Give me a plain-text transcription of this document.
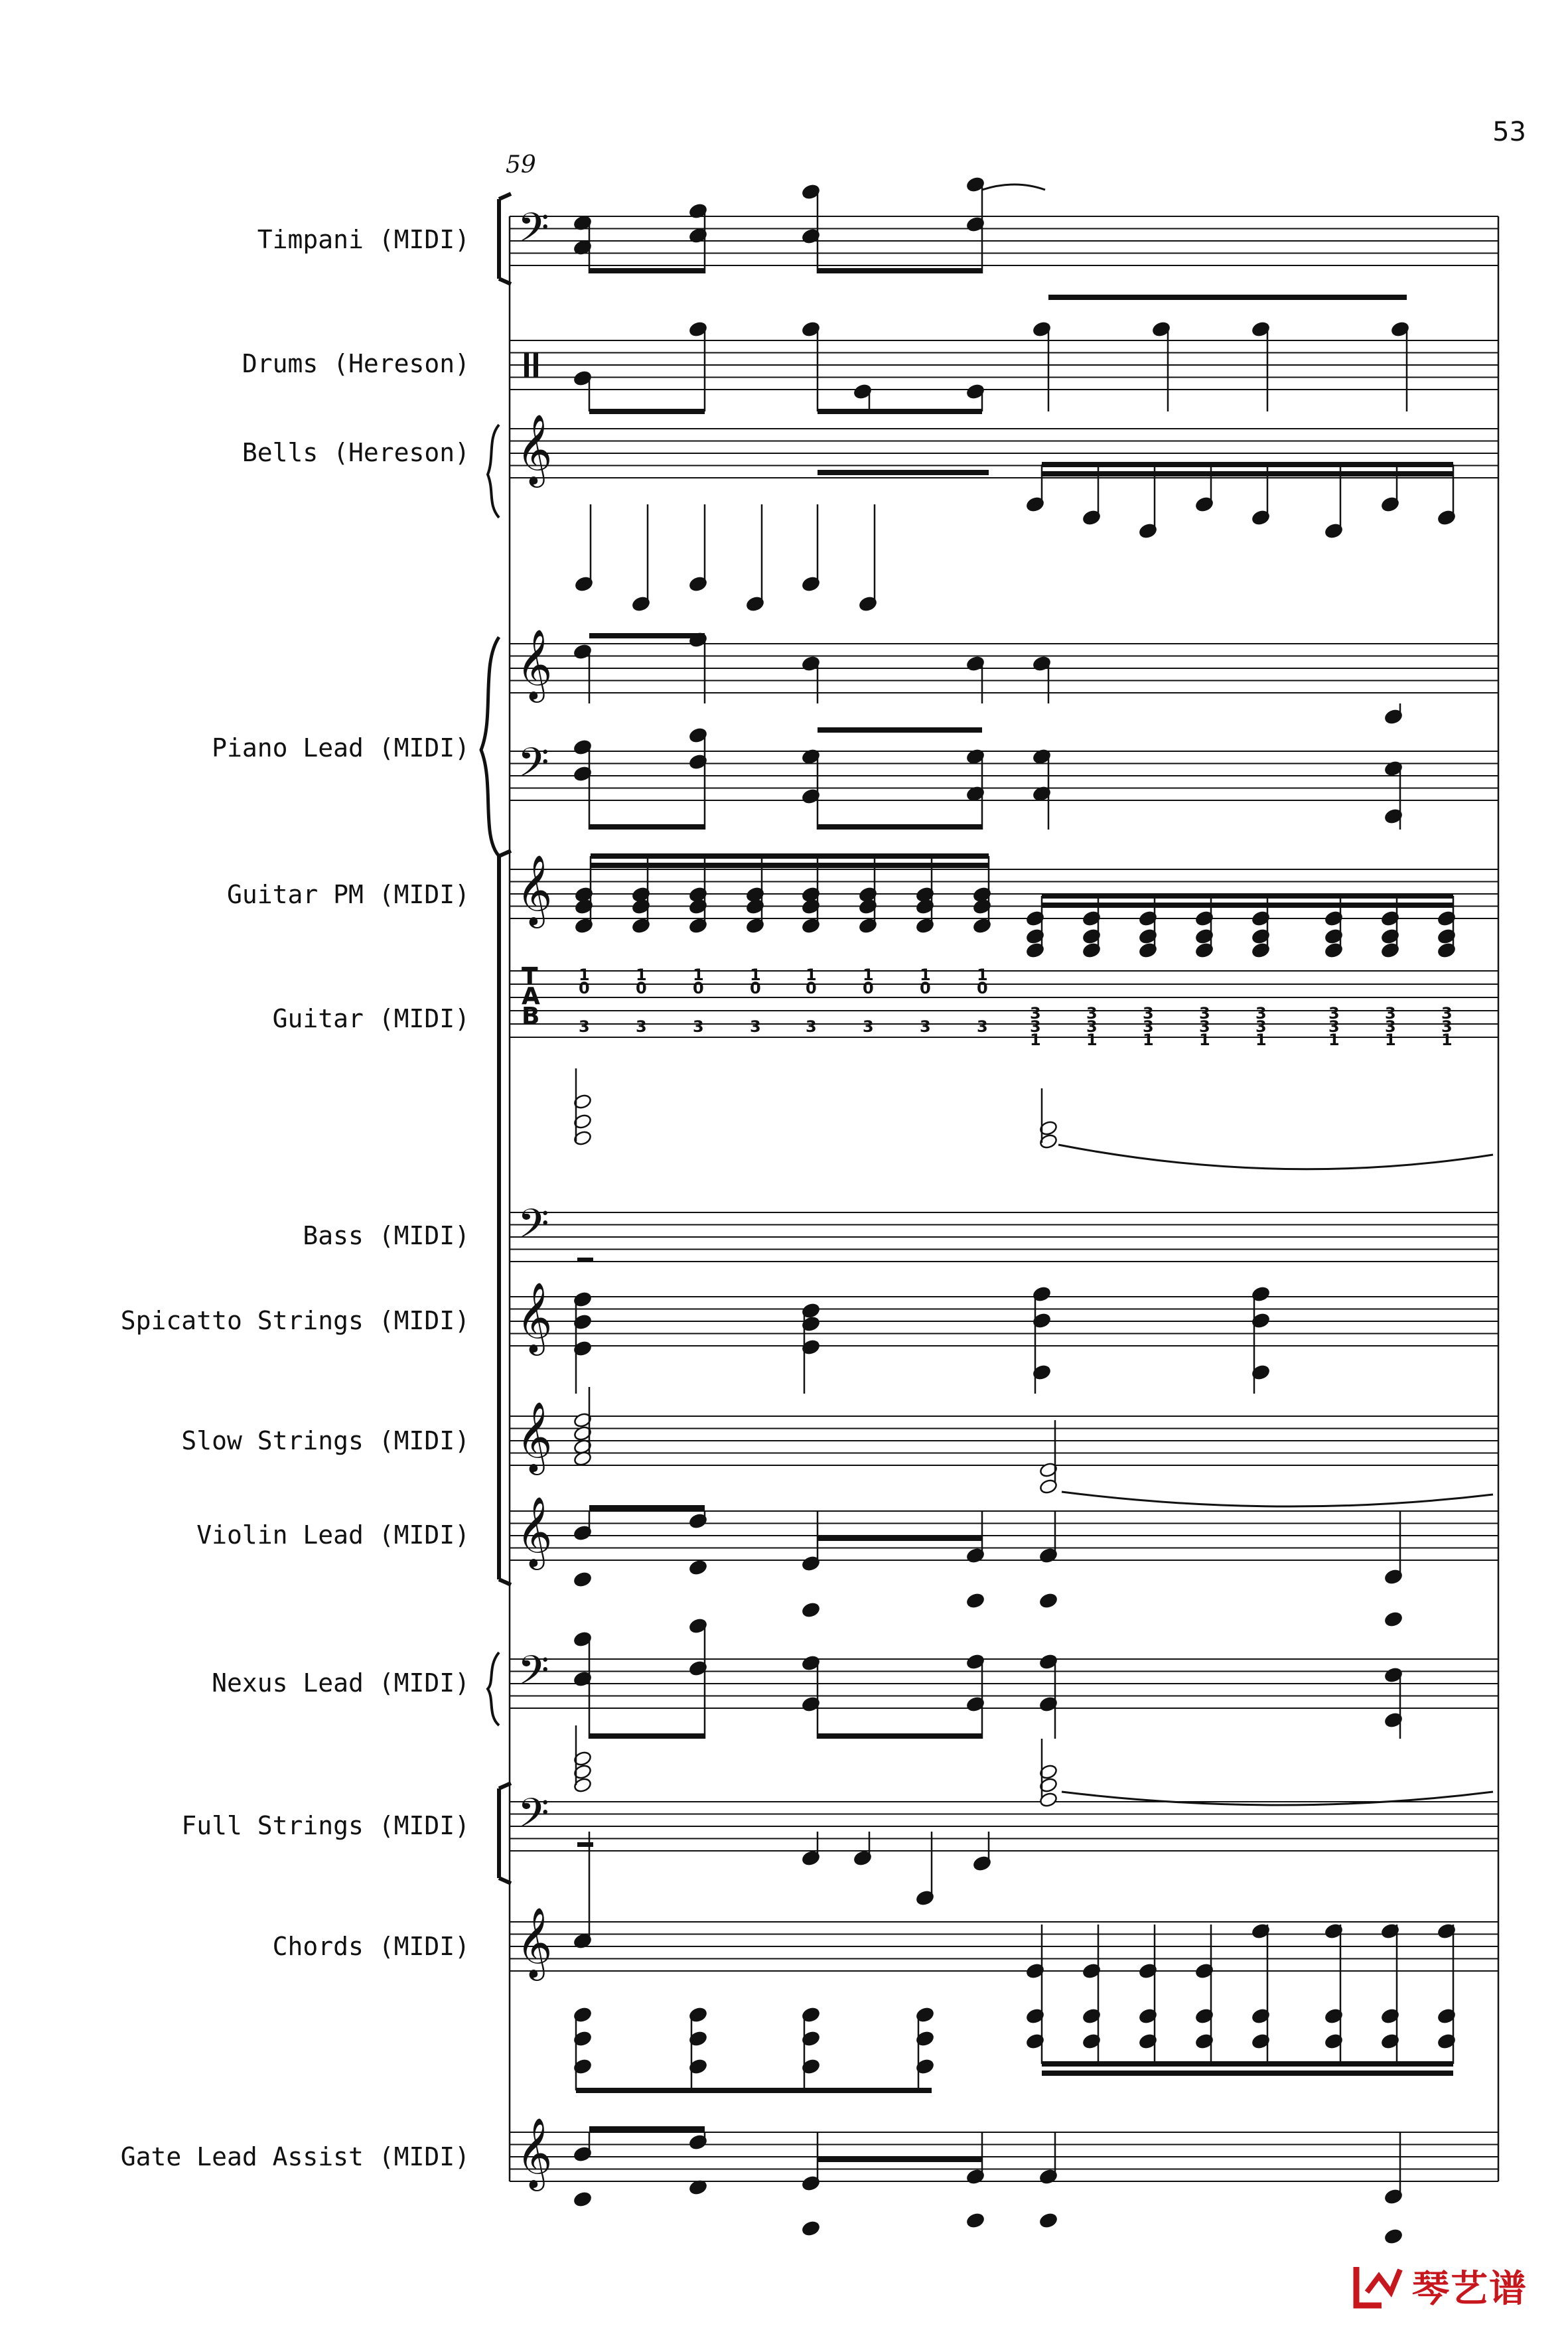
𝄢
𝄞
𝄞
𝄢
𝄞
T
A
B
1
0
3
1
0
3
1
0
3
1
0
3
1
0
3
1
0
3
1
0
3
1
0
3
3
3
1
3
3
1
3
3
1
3
3
1
3
3
1
3
3
1
3
3
1
3
3
1
𝄢
𝄞
𝄞
𝄞
𝄢
𝄢
𝄞
𝄞
53
59
Timpani (MIDI)
Drums (Hereson)
Bells (Hereson)
Piano Lead (MIDI)
Guitar PM (MIDI)
Guitar (MIDI)
Bass (MIDI)
Spicatto Strings (MIDI)
Slow Strings (MIDI)
Violin Lead (MIDI)
Nexus Lead (MIDI)
Full Strings (MIDI)
Chords (MIDI)
Gate Lead Assist (MIDI)
琴艺谱
